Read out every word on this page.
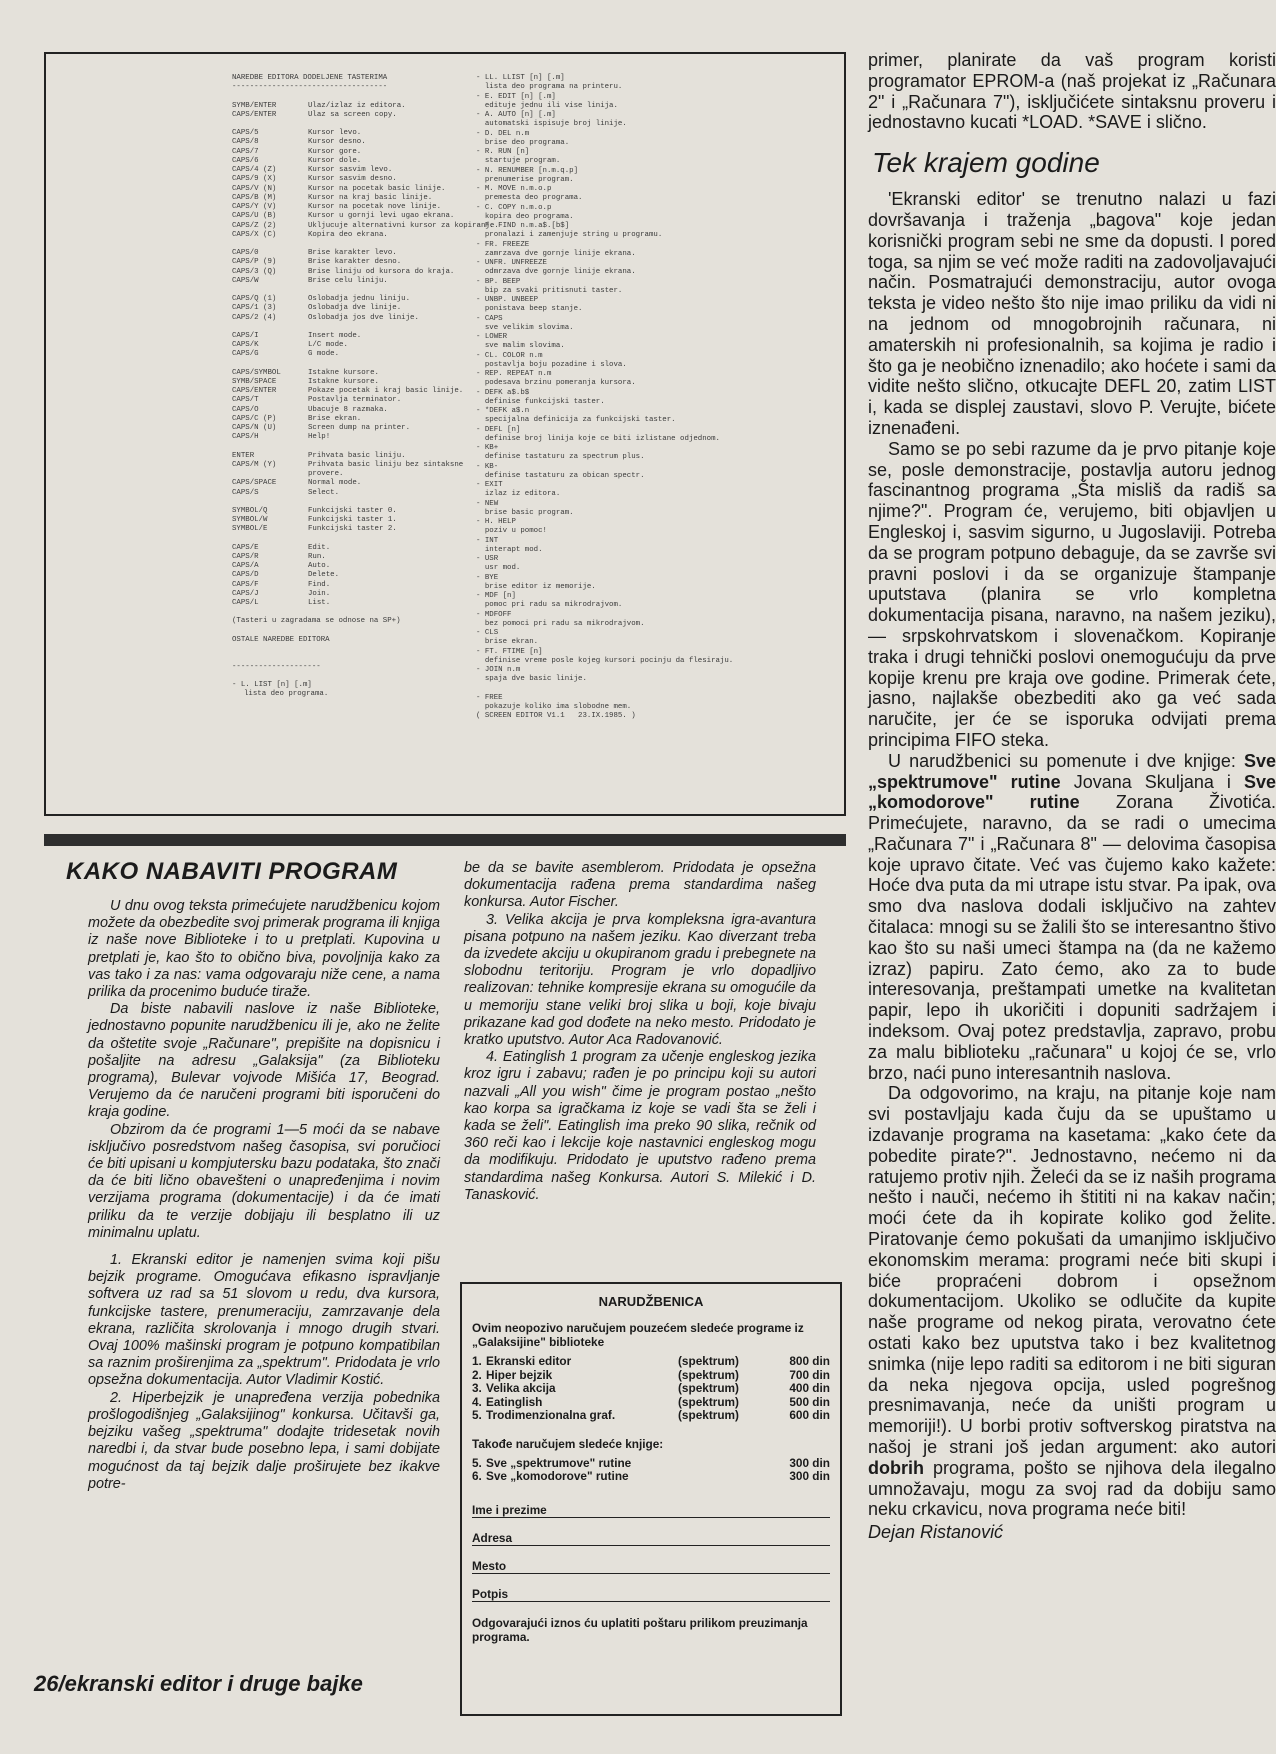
NAREDBE EDITORA DODELJENE TASTERIMA
-----------------------------------
SYMB/ENTER	Ulaz/izlaz iz editora.
CAPS/ENTER	Ulaz sa screen copy.
CAPS/5	Kursor levo.
CAPS/8	Kursor desno.
CAPS/7	Kursor gore.
CAPS/6	Kursor dole.
CAPS/4 (Z)	Kursor sasvim levo.
CAPS/9 (X)	Kursor sasvim desno.
CAPS/V (N)	Kursor na pocetak basic linije.
CAPS/B (M)	Kursor na kraj basic linije.
CAPS/Y (V)	Kursor na pocetak nove linije.
CAPS/U (B)	Kursor u gornji levi ugao ekrana.
CAPS/Z (2)	Ukljucuje alternativni kursor za kopiranje.
CAPS/X (C)	Kopira deo ekrana.
CAPS/0	Brise karakter levo.
CAPS/P (9)	Brise karakter desno.
CAPS/3 (Q)	Brise liniju od kursora do kraja.
CAPS/W	Brise celu liniju.
CAPS/Q (1)	Oslobadja jednu liniju.
CAPS/1 (3)	Oslobadja dve linije.
CAPS/2 (4)	Oslobadja jos dve linije.
CAPS/I	Insert mode.
CAPS/K	L/C mode.
CAPS/G	G mode.
CAPS/SYMBOL	Istakne kursore.
SYMB/SPACE	Istakne kursore.
CAPS/ENTER	Pokaze pocetak i kraj basic linije.
CAPS/T	Postavlja terminator.
CAPS/O	Ubacuje 8 razmaka.
CAPS/C (P)	Brise ekran.
CAPS/N (U)	Screen dump na printer.
CAPS/H	Help!
ENTER	Prihvata basic liniju.
CAPS/M (Y)	Prihvata basic liniju bez sintaksne provere.
CAPS/SPACE	Normal mode.
CAPS/S	Select.
SYMBOL/Q	Funkcijski taster 0.
SYMBOL/W	Funkcijski taster 1.
SYMBOL/E	Funkcijski taster 2.
CAPS/E	Edit.
CAPS/R	Run.
CAPS/A	Auto.
CAPS/D	Delete.
CAPS/F	Find.
CAPS/J	Join.
CAPS/L	List.
(Tasteri u zagradama se odnose na SP+)
OSTALE NAREDBE EDITORA
--------------------
- L. LIST [n] [.m]
lista deo programa.
- LL. LLIST [n] [.m]
lista deo programa na printeru.
- E. EDIT [n] [.m]
edituje jednu ili vise linija.
- A. AUTO [n] [.m]
automatski ispisuje broj linije.
- D. DEL n.m
brise deo programa.
- R. RUN [n]
startuje program.
- N. RENUMBER [n.m.q.p]
prenumerise program.
- M. MOVE n.m.o.p
premesta deo programa.
- C. COPY n.m.o.p
kopira deo programa.
- F. FIND n.m.a$.[b$]
pronalazi i zamenjuje string u programu.
- FR. FREEZE
zamrzava dve gornje linije ekrana.
- UNFR. UNFREEZE
odmrzava dve gornje linije ekrana.
- BP. BEEP
bip za svaki pritisnuti taster.
- UNBP. UNBEEP
ponistava beep stanje.
- CAPS
sve velikim slovima.
- LOWER
sve malim slovima.
- CL. COLOR n.m
postavlja boju pozadine i slova.
- REP. REPEAT n.m
podesava brzinu pomeranja kursora.
- DEFK a$.b$
definise funkcijski taster.
- *DEFK a$.n
specijalna definicija za funkcijski taster.
- DEFL [n]
definise broj linija koje ce biti izlistane odjednom.
- KB+
definise tastaturu za spectrum plus.
- KB-
definise tastaturu za obican spectr.
- EXIT
izlaz iz editora.
- NEW
brise basic program.
- H. HELP
poziv u pomoc!
- INT
interapt mod.
- USR
usr mod.
- BYE
brise editor iz memorije.
- MDF [n]
pomoc pri radu sa mikrodrajvom.
- MDFOFF
bez pomoci pri radu sa mikrodrajvom.
- CLS
brise ekran.
- FT. FTIME [n]
definise vreme posle kojeg kursori pocinju da flesiraju.
- JOIN n.m
spaja dve basic linije.
- FREE
pokazuje koliko ima slobodne mem.
( SCREEN EDITOR V1.1   23.IX.1985. )

primer, planirate da vaš program koristi programator EPROM-a (naš projekat iz „Računara 2" i „Računara 7"), isključićete sintaksnu proveru i jednostavno kucati *LOAD. *SAVE i slično.

Tek krajem godine

'Ekranski editor' se trenutno nalazi u fazi dovršavanja i traženja „bagova" koje jedan korisnički program sebi ne sme da dopusti. I pored toga, sa njim se već može raditi na zadovoljavajući način. Posmatrajući demonstraciju, autor ovoga teksta je video nešto što nije imao priliku da vidi ni na jednom od mnogobrojnih računara, ni amaterskih ni profesionalnih, sa kojima je radio i što ga je neobično iznenadilo; ako hoćete i sami da vidite nešto slično, otkucajte DEFL 20, zatim LIST i, kada se displej zaustavi, slovo P. Verujte, bićete iznenađeni.

Samo se po sebi razume da je prvo pitanje koje se, posle demonstracije, postavlja autoru jednog fascinantnog programa „Šta misliš da radiš sa njime?". Program će, verujemo, biti objavljen u Engleskoj i, sasvim sigurno, u Jugoslaviji. Potreba da se program potpuno debaguje, da se završe svi pravni poslovi i da se organizuje štampanje uputstava (planira se vrlo kompletna dokumentacija pisana, naravno, na našem jeziku), — srpskohrvatskom i slovenačkom. Kopiranje traka i drugi tehnički poslovi onemogućuju da prve kopije krenu pre kraja ove godine. Primerak ćete, jasno, najlakše obezbediti ako ga već sada naručite, jer će se isporuka odvijati prema principima FIFO steka.

U narudžbenici su pomenute i dve knjige: Sve „spektrumove" rutine Jovana Skuljana i Sve „komodorove" rutine Zorana Životića. Primećujete, naravno, da se radi o umecima „Računara 7" i „Računara 8" — delovima časopisa koje upravo čitate. Već vas čujemo kako kažete: Hoće dva puta da mi utrape istu stvar. Pa ipak, ova smo dva naslova dodali isključivo na zahtev čitalaca: mnogi su se žalili što se interesantno štivo kao što su naši umeci štampa na (da ne kažemo izraz) papiru. Zato ćemo, ako za to bude interesovanja, preštampati umetke na kvalitetan papir, lepo ih ukoričiti i dopuniti sadržajem i indeksom. Ovaj potez predstavlja, zapravo, probu za malu biblioteku „računara" u kojoj će se, vrlo brzo, naći puno interesantnih naslova.

Da odgovorimo, na kraju, na pitanje koje nam svi postavljaju kada čuju da se upuštamo u izdavanje programa na kasetama: „kako ćete da pobedite pirate?". Jednostavno, nećemo ni da ratujemo protiv njih. Želeći da se iz naših programa nešto i nauči, nećemo ih štititi ni na kakav način; moći ćete da ih kopirate koliko god želite. Piratovanje ćemo pokušati da umanjimo isključivo ekonomskim merama: programi neće biti skupi i biće propraćeni dobrom i opsežnom dokumentacijom. Ukoliko se odlučite da kupite naše programe od nekog pirata, verovatno ćete ostati kako bez uputstva tako i bez kvalitetnog snimka (nije lepo raditi sa editorom i ne biti siguran da neka njegova opcija, usled pogrešnog presnimavanja, neće da uništi program u memoriji!). U borbi protiv softverskog piratstva na našoj je strani još jedan argument: ako autori dobrih programa, pošto se njihova dela ilegalno umnožavaju, mogu za svoj rad da dobiju samo neku crkavicu, nova programa neće biti!

Dejan Ristanović
KAKO NABAVITI PROGRAM

U dnu ovog teksta primećujete narudžbenicu kojom možete da obezbedite svoj primerak programa ili knjiga iz naše nove Biblioteke i to u pretplati. Kupovina u pretplati je, kao što to obično biva, povoljnija kako za vas tako i za nas: vama odgovaraju niže cene, a nama prilika da procenimo buduće tiraže.

Da biste nabavili naslove iz naše Biblioteke, jednostavno popunite narudžbenicu ili je, ako ne želite da oštetite svoje „Računare", prepišite na dopisnicu i pošaljite na adresu „Galaksija" (za Biblioteku programa), Bulevar vojvode Mišića 17, Beograd. Verujemo da će naručeni programi biti isporučeni do kraja godine.

Obzirom da će programi 1—5 moći da se nabave isključivo posredstvom našeg časopisa, svi poručioci će biti upisani u kompjutersku bazu podataka, što znači da će biti lično obaveštеni o unapređenjima i novim verzijama programa (dokumentacije) i da će imati priliku da te verzije dobijaju ili besplatno ili uz minimalnu uplatu.

1. Ekranski editor je namenjen svima koji pišu bejzik programe. Omogućava efikasno ispravljanje softvera uz rad sa 51 slovom u redu, dva kursora, funkcijske tastere, prenumeraciju, zamrzavanje dela ekrana, različita skrolovanja i mnogo drugih stvari. Ovaj 100% mašinski program je potpuno kompatibilan sa raznim proširenjima za „spektrum". Pridodata je vrlo opsežna dokumentacija. Autor Vladimir Kostić.

2. Hiperbejzik je unapređena verzija pobednika prošlogodišnjeg „Galaksijinog" konkursa. Učitavši ga, bejziku vašeg „spektruma" dodajte tridesetak novih naredbi i, da stvar bude posebno lepa, i sami dobijate mogućnost da taj bejzik dalje proširujete bez ikakve potre-

be da se bavite asemblerom. Pridodata je opsežna dokumentacija rađena prema standardima našeg konkursa. Autor Fischer.

3. Velika akcija je prva kompleksna igra-avantura pisana potpuno na našem jeziku. Kao diverzant treba da izvedete akciju u okupiranom gradu i prebegnete na slobodnu teritoriju. Program je vrlo dopadljivo realizovan: tehnike kompresije ekrana su omogućile da u memoriju stane veliki broj slika u boji, koje bivaju prikazane kad god dođete na neko mesto. Pridodato je kratko uputstvo. Autor Aca Radovanović.

4. Eatinglish 1 program za učenje engleskog jezika kroz igru i zabavu; rađen je po principu koji su autori nazvali „All you wish" čime je program postao „nešto kao korpa sa igračkama iz koje se vadi šta se želi i kada se želi". Eatinglish ima preko 90 slika, rečnik od 360 reči kao i lekcije koje nastavnici engleskog mogu da modifikuju. Pridodato je uputstvo rađeno prema standardima našeg Konkursa. Autori S. Milekić i D. Tanasković.

NARUDŽBENICA
Ovim neopozivo naručujem pouzećem sledeće programe iz „Galaksijine" biblioteke
1. Ekranski editor	(spektrum)	800 din
2. Hiper bejzik	(spektrum)	700 din
3. Velika akcija	(spektrum)	400 din
4. Eatinglish	(spektrum)	500 din
5. Trodimenzionalna graf.	(spektrum)	600 din
Takođe naručujem sledeće knjige:
5. Sve „spektrumove" rutine	300 din
6. Sve „komodorove" rutine	300 din
Ime i prezime
Adresa
Mesto
Potpis
Odgovarajući iznos ću uplatiti poštaru prilikom preuzimanja programa.
26/ekranski editor i druge bajke
